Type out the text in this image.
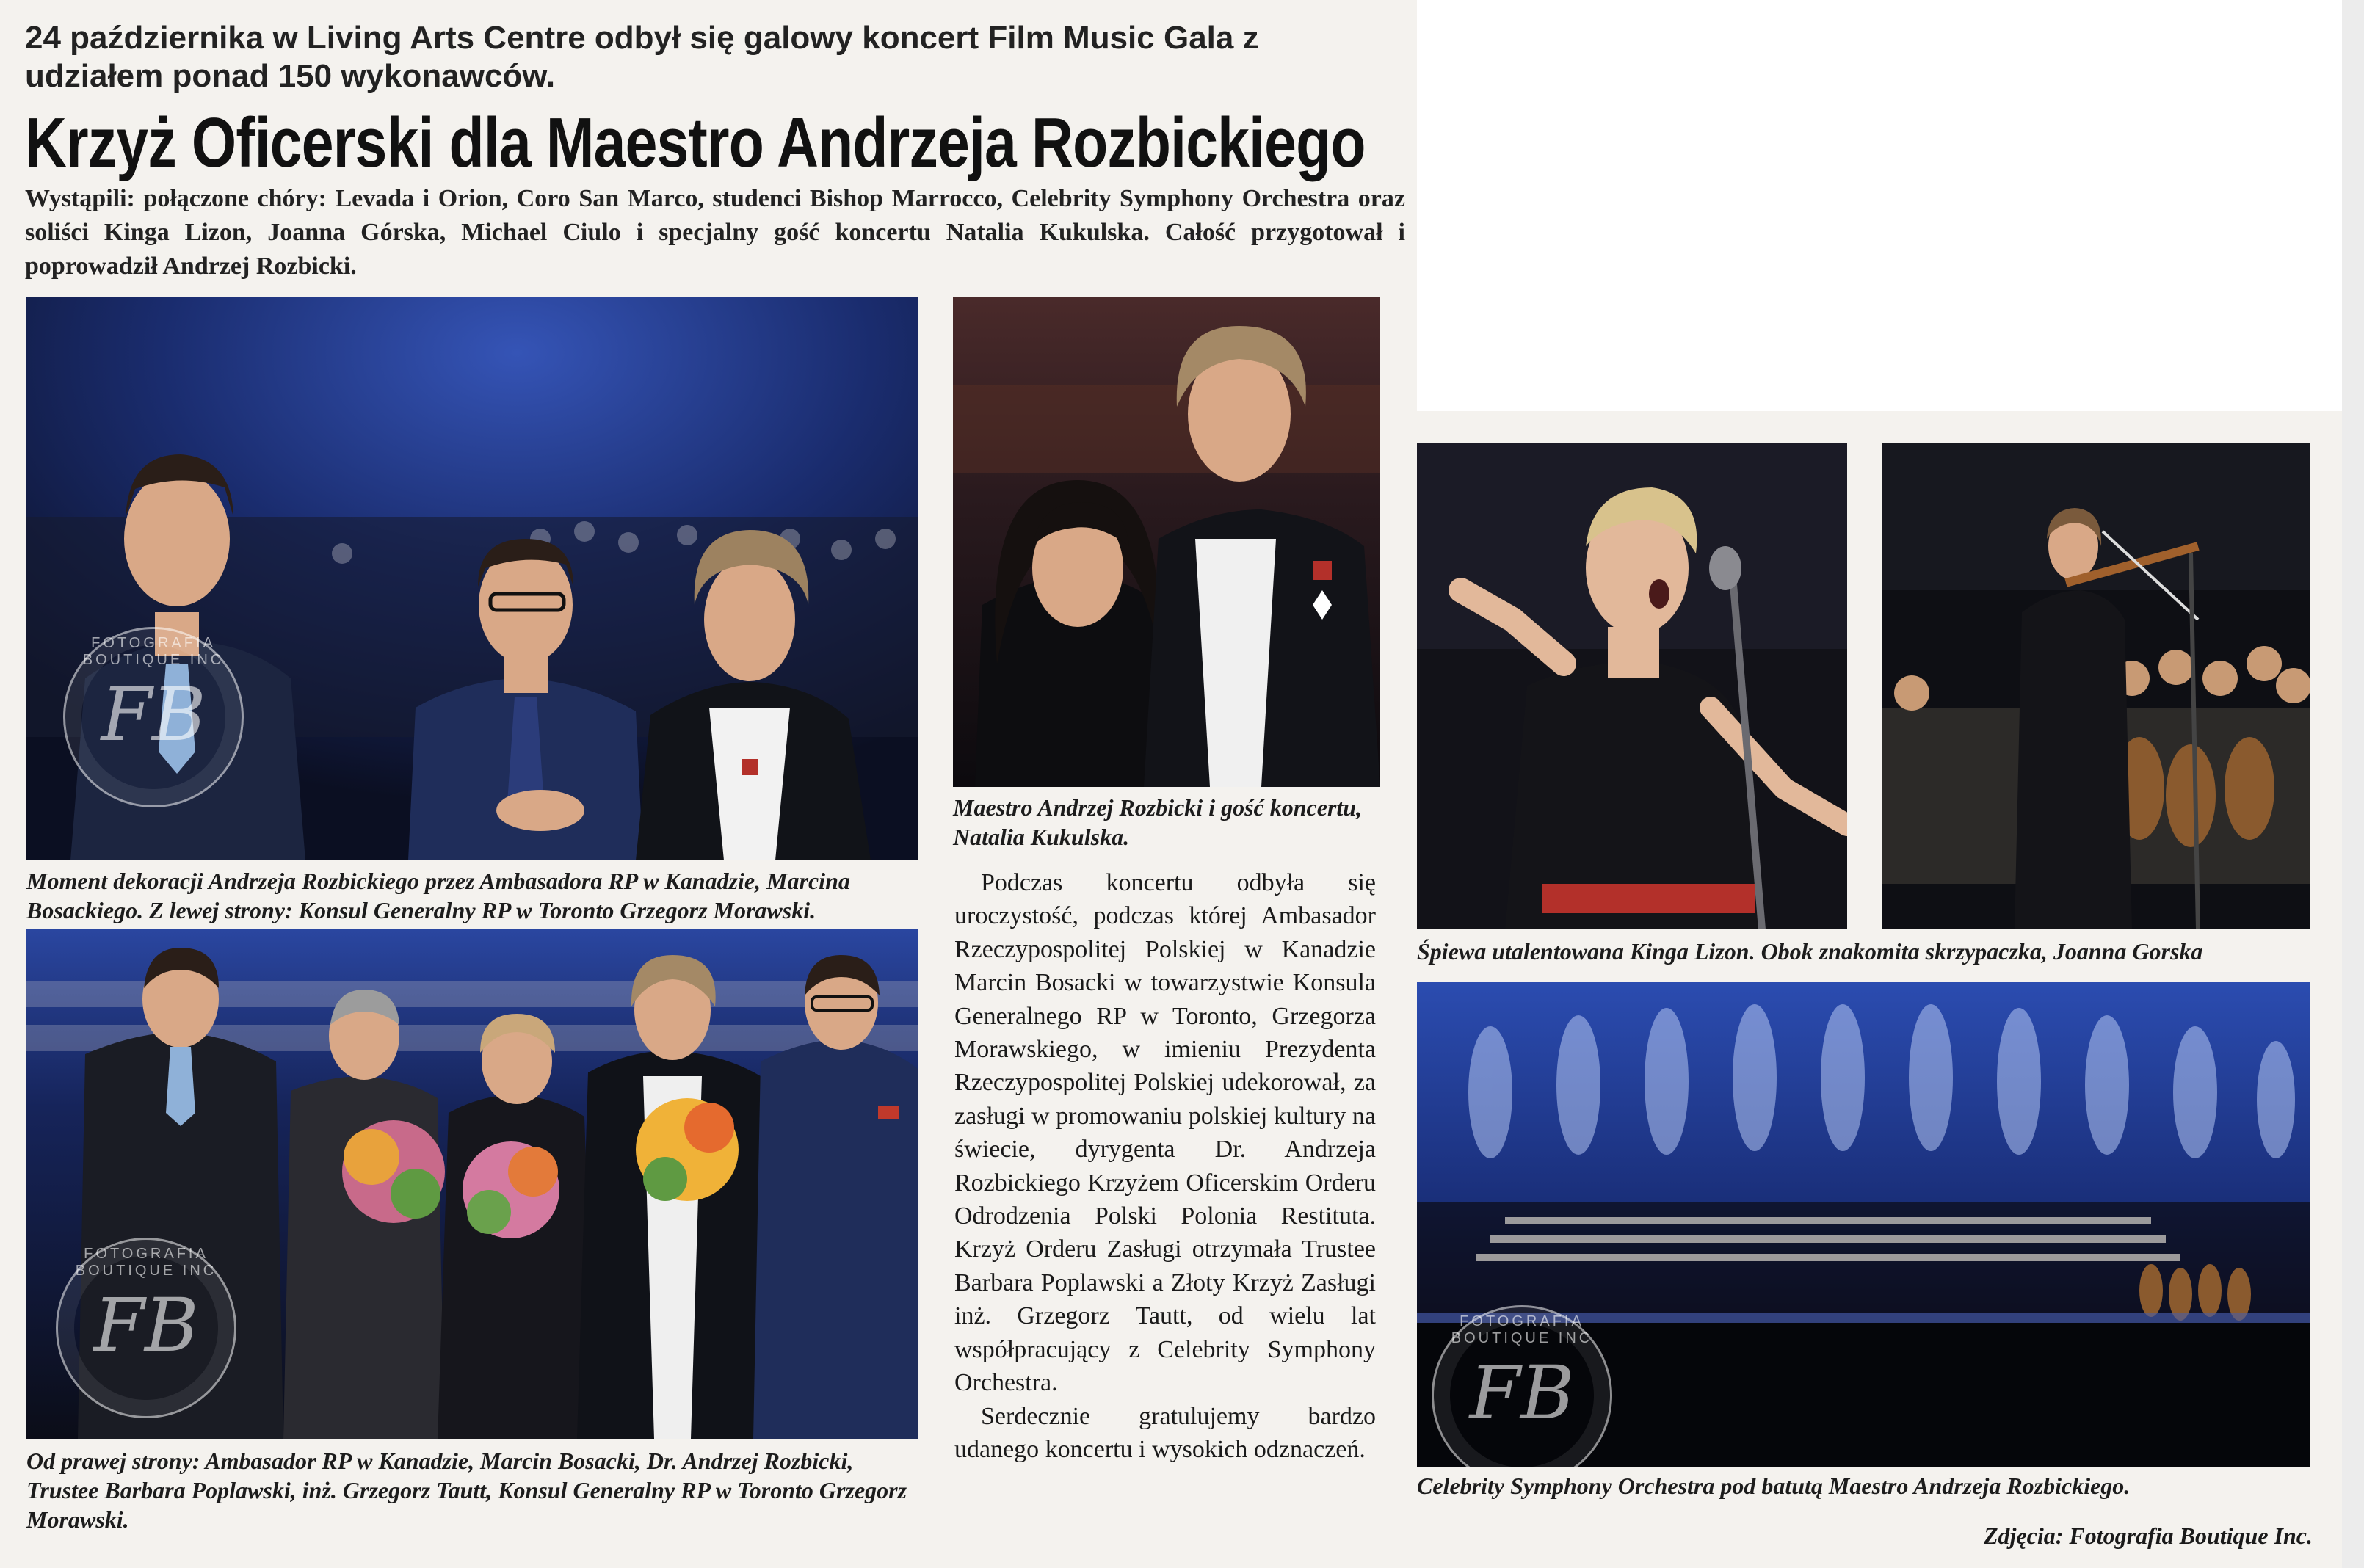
24 października w Living Arts Centre odbył się galowy koncert Film Music Gala z udziałem ponad 150 wykonawców.
Krzyż Oficerski dla Maestro Andrzeja Rozbickiego
Wystąpili: połączone chóry: Levada i Orion, Coro San Marco, studenci Bishop Marrocco, Celebrity Symphony Orchestra oraz soliści Kinga Lizon, Joanna Górska, Michael Ciulo i specjalny gość koncertu Natalia Kukulska. Całość przygotował i poprowadził Andrzej Rozbicki.
FOTOGRAFIA BOUTIQUE INC
FB
Moment dekoracji Andrzeja Rozbickiego przez Ambasadora RP w Kanadzie, Marcina Bosackiego. Z lewej strony: Konsul Generalny RP w Toronto Grzegorz Morawski.
Maestro Andrzej Rozbicki i gość koncertu, Natalia Kukulska.
FOTOGRAFIA BOUTIQUE INC
FB
Od prawej strony: Ambasador RP w Kanadzie, Marcin Bosacki, Dr. Andrzej Rozbicki, Trustee Barbara Poplawski, inż. Grzegorz Tautt, Konsul Generalny RP w Toronto Grzegorz Morawski.

Podczas koncertu odbyła się uroczystość, podczas której Ambasador Rzeczypospolitej Polskiej w Kanadzie Marcin Bosacki w towarzystwie Konsula Generalnego RP w Toronto, Grzegorza Morawskiego, w imieniu Prezydenta Rzeczypospolitej Polskiej udekorował, za zasługi w promowaniu polskiej kultury na świecie, dyrygenta Dr. Andrzeja Rozbickiego Krzyżem Oficerskim Orderu Odrodzenia Polski Polonia Restituta. Krzyż Orderu Zasługi otrzymała Trustee Barbara Poplawski a Złoty Krzyż Zasługi inż. Grzegorz Tautt, od wielu lat współpracujący z Celebrity Symphony Orchestra.

Serdecznie gratulujemy bardzo udanego koncertu i wysokich odznaczeń.

Śpiewa utalentowana Kinga Lizon. Obok znakomita skrzypaczka, Joanna Gorska
FOTOGRAFIA BOUTIQUE INC
FB
Celebrity Symphony Orchestra pod batutą Maestro Andrzeja Rozbickiego.
Zdjęcia: Fotografia Boutique Inc.
